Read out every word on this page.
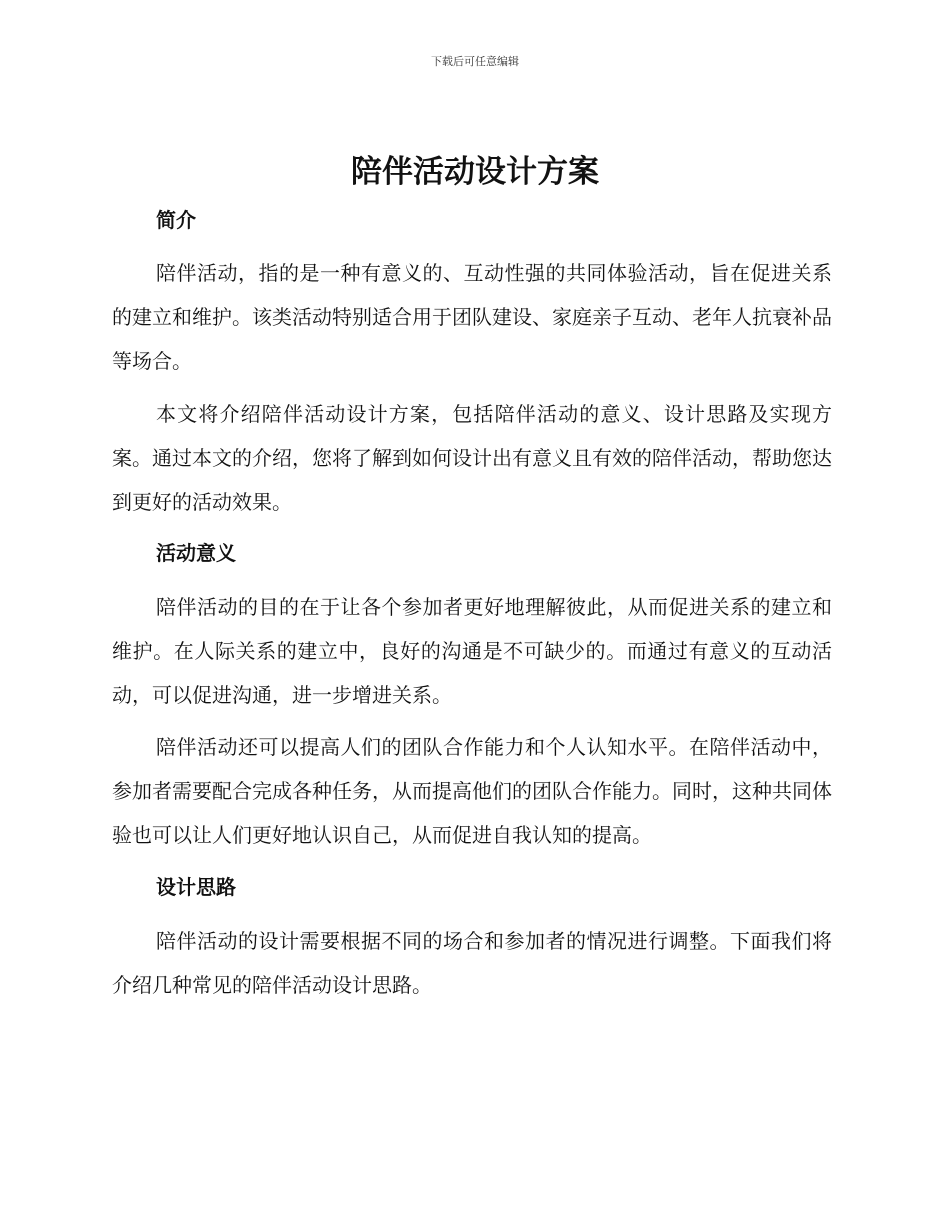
下载后可任意编辑
陪伴活动设计方案
简介

陪伴活动，指的是一种有意义的、互动性强的共同体验活动，旨在促进关系的建立和维护。该类活动特别适合用于团队建设、家庭亲子互动、老年人抗衰补品等场合。

本文将介绍陪伴活动设计方案，包括陪伴活动的意义、设计思路及实现方案。通过本文的介绍，您将了解到如何设计出有意义且有效的陪伴活动，帮助您达到更好的活动效果。

活动意义

陪伴活动的目的在于让各个参加者更好地理解彼此，从而促进关系的建立和维护。在人际关系的建立中，良好的沟通是不可缺少的。而通过有意义的互动活动，可以促进沟通，进一步增进关系。

陪伴活动还可以提高人们的团队合作能力和个人认知水平。在陪伴活动中，参加者需要配合完成各种任务，从而提高他们的团队合作能力。同时，这种共同体验也可以让人们更好地认识自己，从而促进自我认知的提高。

设计思路

陪伴活动的设计需要根据不同的场合和参加者的情况进行调整。下面我们将介绍几种常见的陪伴活动设计思路。
